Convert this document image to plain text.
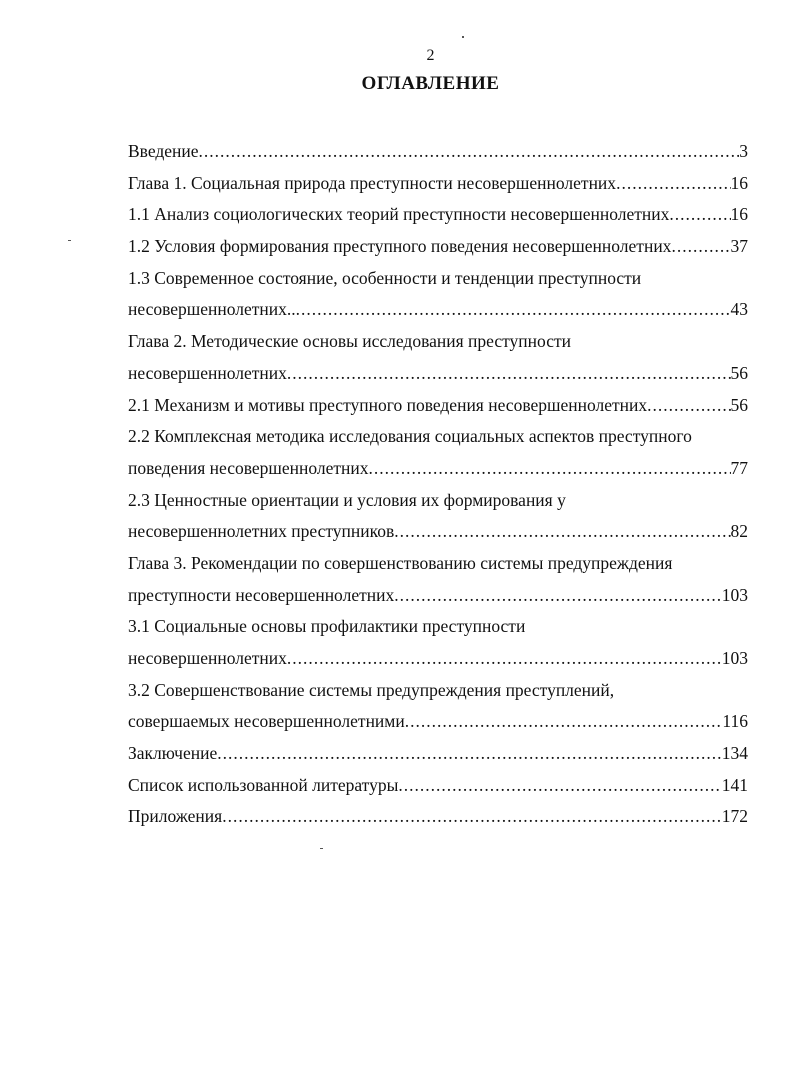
2
ОГЛАВЛЕНИЕ
Введение .....	3
Глава 1. Социальная природа преступности несовершеннолетних .....	16
1.1 Анализ социологических теорий преступности несовершеннолетних .....	16
1.2 Условия формирования преступного поведения несовершеннолетних .....	37
1.3 Современное состояние, особенности и тенденции преступности
несовершеннолетних.. .....	43
Глава 2. Методические основы исследования преступности
несовершеннолетних .....	56
2.1 Механизм и мотивы преступного поведения несовершеннолетних .....	56
2.2 Комплексная методика исследования социальных аспектов преступного
поведения несовершеннолетних .....	77
2.3 Ценностные ориентации и условия их формирования у
несовершеннолетних преступников .....	82
Глава 3. Рекомендации по совершенствованию системы предупреждения
преступности несовершеннолетних .....	103
3.1 Социальные основы профилактики преступности
несовершеннолетних .....	103
3.2 Совершенствование системы предупреждения преступлений,
совершаемых несовершеннолетними .....	116
Заключение .....	134
Список использованной литературы .....	141
Приложения .....	172
